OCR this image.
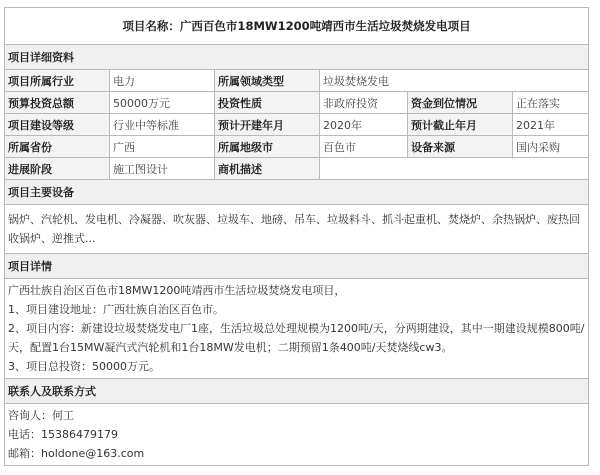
项目名称：广西百色市18MW1200吨靖西市生活垃圾焚烧发电项目					
项目详细资料					
项目所属行业	电力	所属领域类型	垃圾焚烧发电		
预算投资总额	50000万元	投资性质	非政府投资	资金到位情况	正在落实
项目建设等级	行业中等标准	预计开建年月	2020年	预计截止年月	2021年
所属省份	广西	所属地级市	百色市	设备来源	国内采购
进展阶段	施工图设计	商机描述			
项目主要设备					
锅炉、汽轮机、发电机、冷凝器、吹灰器、垃圾车、地磅、吊车、垃圾料斗、抓斗起重机、焚烧炉、余热锅炉、废热回收锅炉、逆推式...					
项目详情					

广西壮族自治区百色市18MW1200吨靖西市生活垃圾焚烧发电项目，
1、项目建设地址：广西壮族自治区百色市。
2、项目内容：新建设垃圾焚烧发电厂1座，生活垃圾总处理规模为1200吨/天，分两期建设，其中一期建设规模800吨/天，配置1台15MW凝汽式汽轮机和1台18MW发电机；二期预留1条400吨/天焚烧线cw3。
3、项目总投资：50000万元。					

联系人及联系方式					

咨询人：何工
电话：15386479179
邮箱：holdone@163.com					
